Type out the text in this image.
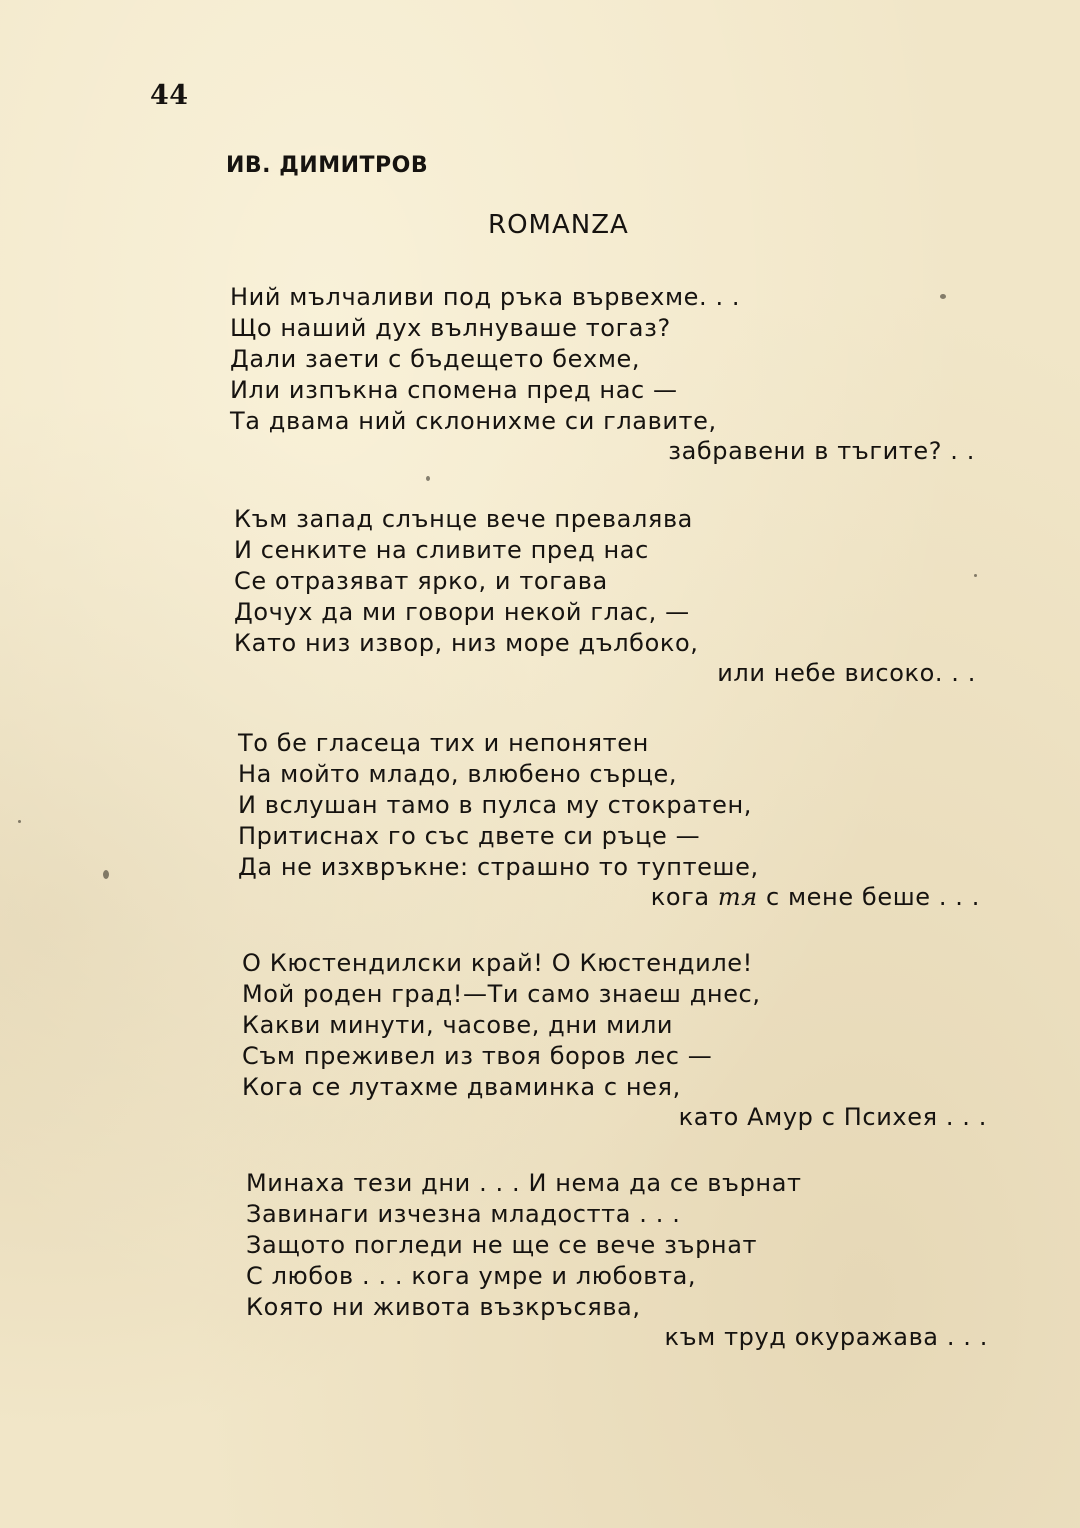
44
ИВ. ДИМИТРОВ
ROMANZA
Ний мълчаливи под ръка вървехме. . .
Що наший дух вълнуваше тогаз?
Дали заети с бъдещето бехме,
Или изпъкна спомена пред нас —
Та двама ний склонихме си главите,
забравени в тъгите? . .
Към запад слънце вече превалява
И сенките на сливите пред нас
Се отразяват ярко, и тогава
Дочух да ми говори некой глас, —
Като низ извор, низ море дълбоко,
или небе високо. . .
То бе гласеца тих и непонятен
На мойто младо, влюбено сърце,
И вслушан тамо в пулса му стократен,
Притиснах го със двете си ръце —
Да не изхвръкне: страшно то туптеше,
кога тя с мене беше . . .
О Кюстендилски край! О Кюстендиле!
Мой роден град!—Ти само знаеш днес,
Какви минути, часове, дни мили
Съм преживел из твоя боров лес —
Кога се лутахме дваминка с нея,
като Амур с Психея . . .
Минаха тези дни . . . И нема да се върнат
Завинаги изчезна младостта . . .
Защото погледи не ще се вече зърнат
С любов . . . кога умре и любовта,
Която ни живота възкръсява,
към труд окуражава . . .
